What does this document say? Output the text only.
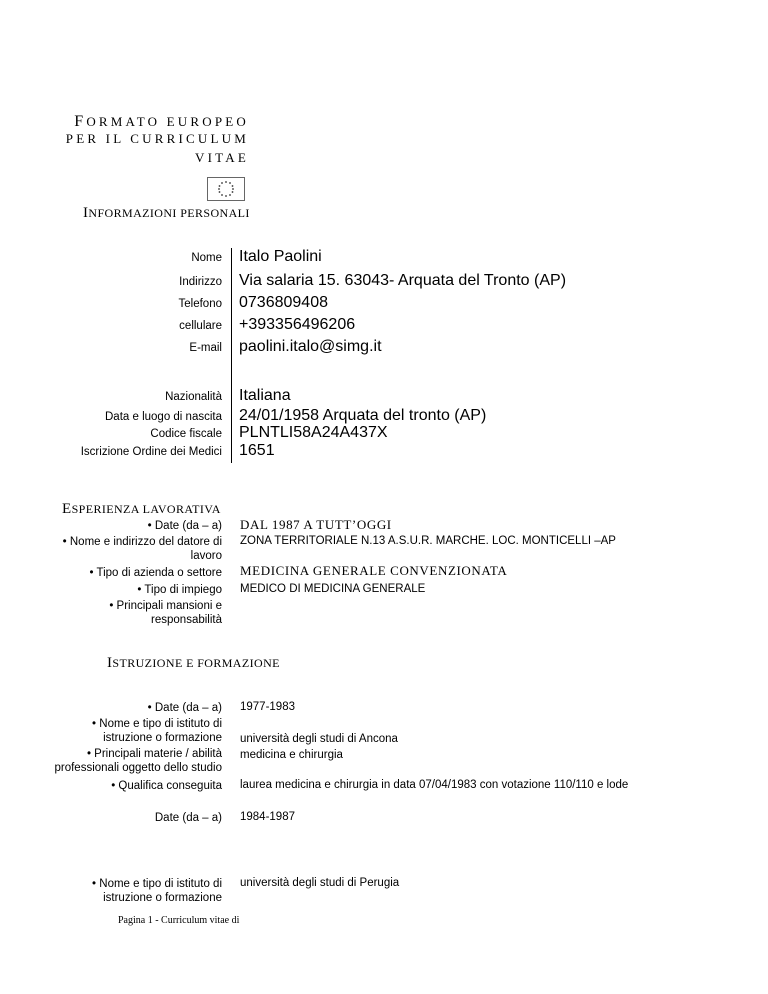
FORMATO EUROPEO
PER IL CURRICULUM
VITAE
INFORMAZIONI PERSONALI
Nome Italo Paolini
Indirizzo Via salaria 15. 63043- Arquata del Tronto (AP)
Telefono 0736809408
cellulare +393356496206
E-mail paolini.italo@simg.it
Nazionalità Italiana
Data e luogo di nascita 24/01/1958 Arquata del tronto (AP)
Codice fiscale PLNTLI58A24A437X
Iscrizione Ordine dei Medici 1651
ESPERIENZA LAVORATIVA
• Date (da – a) DAL 1987 A TUTT’OGGI
• Nome e indirizzo del datore di lavoro
ZONA TERRITORIALE N.13 A.S.U.R. MARCHE. LOC. MONTICELLI –AP
• Tipo di azienda o settore MEDICINA GENERALE CONVENZIONATA
• Tipo di impiego MEDICO DI MEDICINA GENERALE
• Principali mansioni e responsabilità
ISTRUZIONE E FORMAZIONE
• Date (da – a) 1977-1983
• Nome e tipo di istituto di istruzione o formazione università degli studi di Ancona
• Principali materie / abilità professionali oggetto dello studio
medicina e chirurgia
• Qualifica conseguita laurea medicina e chirurgia in data 07/04/1983 con votazione 110/110 e lode
Date (da – a) 1984-1987
• Nome e tipo di istituto di istruzione o formazione
università degli studi di Perugia
Pagina 1 - Curriculum vitae di
